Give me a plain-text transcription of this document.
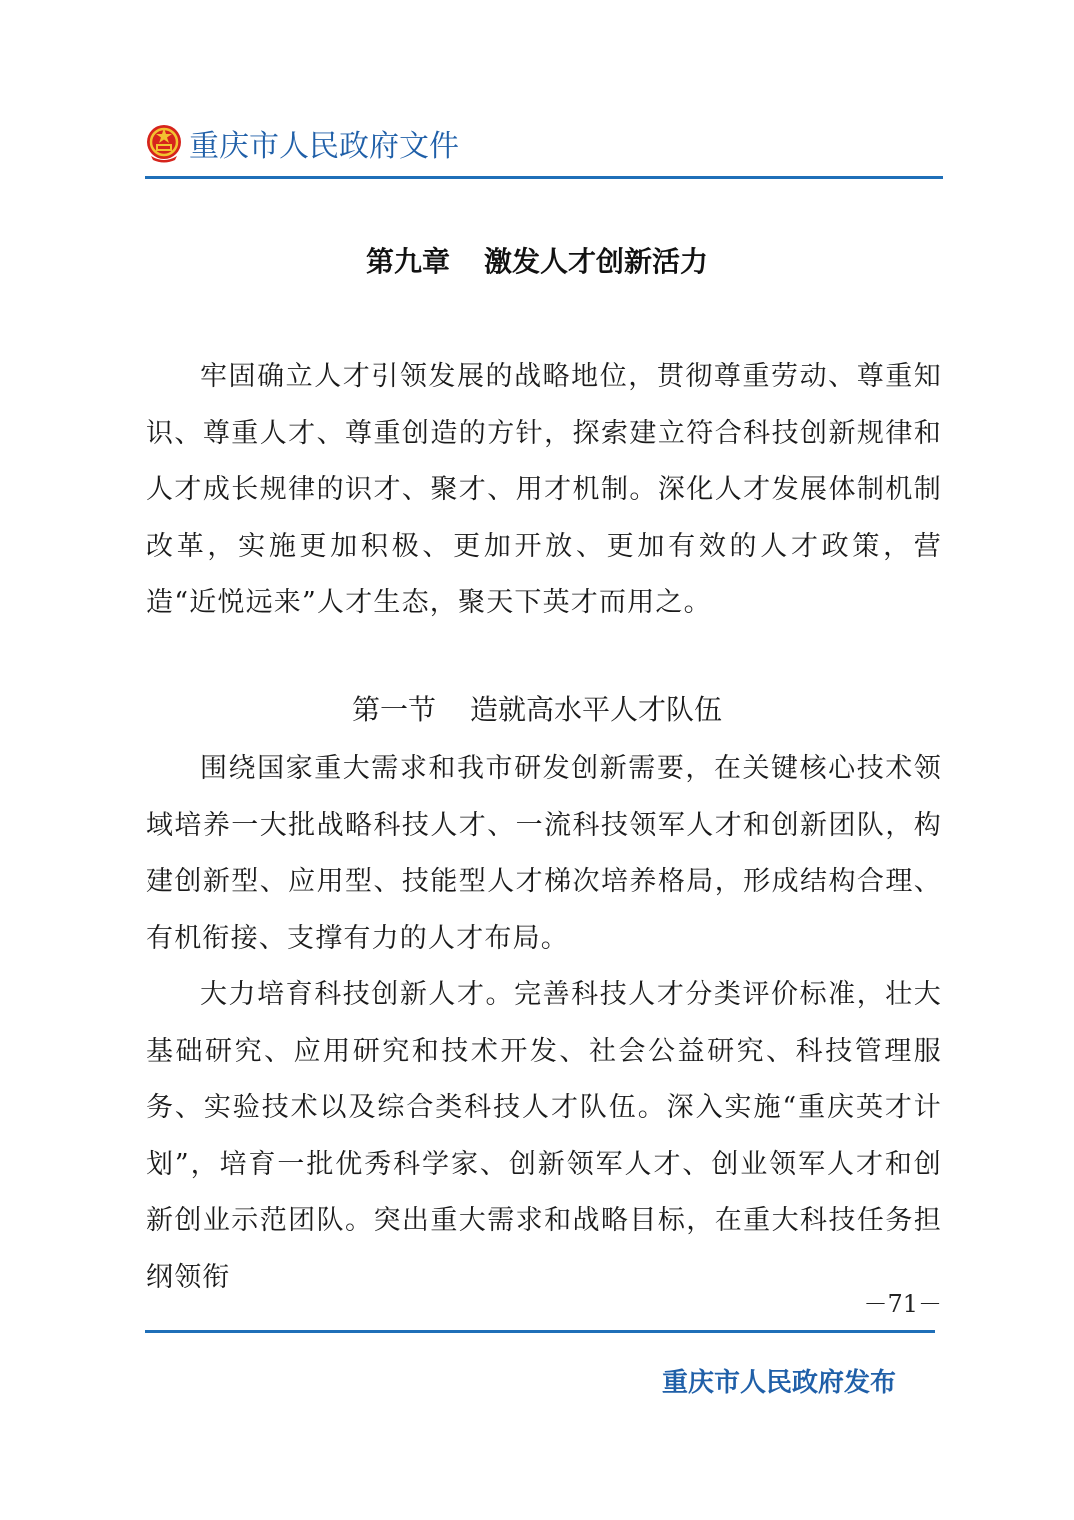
重庆市人民政府文件
第九章 激发人才创新活力
牢固确立人才引领发展的战略地位，贯彻尊重劳动、尊重知识、尊重人才、尊重创造的方针，探索建立符合科技创新规律和人才成长规律的识才、聚才、用才机制。深化人才发展体制机制改革，实施更加积极、更加开放、更加有效的人才政策，营造“近悦远来”人才生态，聚天下英才而用之。
第一节 造就高水平人才队伍
围绕国家重大需求和我市研发创新需要，在关键核心技术领域培养一大批战略科技人才、一流科技领军人才和创新团队，构建创新型、应用型、技能型人才梯次培养格局，形成结构合理、有机衔接、支撑有力的人才布局。
大力培育科技创新人才。完善科技人才分类评价标准，壮大基础研究、应用研究和技术开发、社会公益研究、科技管理服务、实验技术以及综合类科技人才队伍。深入实施“重庆英才计划”，培育一批优秀科学家、创新领军人才、创业领军人才和创新创业示范团队。突出重大需求和战略目标，在重大科技任务担纲领衔
－71－
重庆市人民政府发布
